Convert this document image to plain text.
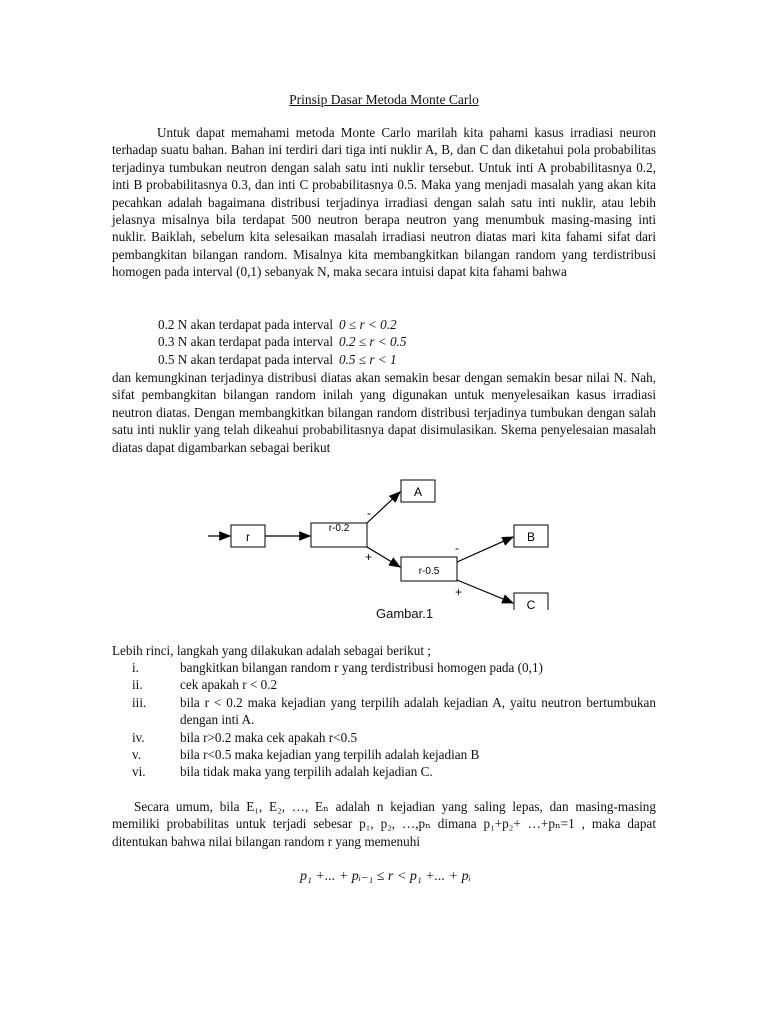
Prinsip Dasar Metoda Monte Carlo

Untuk dapat memahami metoda Monte Carlo marilah kita pahami kasus irradiasi neuron terhadap suatu bahan. Bahan ini terdiri dari tiga inti nuklir A, B, dan C dan diketahui pola probabilitas terjadinya tumbukan neutron dengan salah satu inti nuklir tersebut. Untuk inti A probabilitasnya 0.2, inti B probabilitasnya 0.3, dan inti C probabilitasnya 0.5. Maka yang menjadi masalah yang akan kita pecahkan adalah bagaimana distribusi terjadinya irradiasi dengan salah satu inti nuklir, atau lebih jelasnya misalnya bila terdapat 500 neutron berapa neutron yang menumbuk masing-masing inti nuklir. Baiklah, sebelum kita selesaikan masalah irradiasi neutron diatas mari kita fahami sifat dari pembangkitan bilangan random. Misalnya kita membangkitkan bilangan random yang terdistribusi homogen pada interval (0,1) sebanyak N, maka secara intuisi dapat kita fahami bahwa

0.2 N akan terdapat pada interval 0 ≤ r < 0.2
0.3 N akan terdapat pada interval 0.2 ≤ r < 0.5
0.5 N akan terdapat pada interval 0.5 ≤ r < 1

dan kemungkinan terjadinya distribusi diatas akan semakin besar dengan semakin besar nilai N. Nah, sifat pembangkitan bilangan random inilah yang digunakan untuk menyelesaikan kasus irradiasi neutron diatas. Dengan membangkitkan bilangan random distribusi terjadinya tumbukan dengan salah satu inti nuklir yang telah dikeahui probabilitasnya dapat disimulasikan. Skema penyelesaian masalah diatas dapat digambarkan sebagai berikut

r
r-0.2
-
A
+
r-0.5
-
B
+
C
Gambar.1

Lebih rinci, langkah yang dilakukan adalah sebagai berikut ;

i.	bangkitkan bilangan random r yang terdistribusi homogen pada (0,1)
ii.	cek apakah r < 0.2
iii.	bila r < 0.2 maka kejadian yang terpilih adalah kejadian A, yaitu neutron bertumbukan dengan inti A.
iv.	bila r>0.2 maka cek apakah r<0.5
v.	bila r<0.5 maka kejadian yang terpilih adalah kejadian B
vi.	bila tidak maka yang terpilih adalah kejadian C.

Secara umum, bila E₁, E₂, …, Eₙ adalah n kejadian yang saling lepas, dan masing-masing memiliki probabilitas untuk terjadi sebesar p₁, p₂, …,pₙ dimana p₁+p₂+ …+pₙ=1 , maka dapat ditentukan bahwa nilai bilangan random r yang memenuhi

p₁ +... + pᵢ₋₁ ≤ r < p₁ +... + pᵢ
